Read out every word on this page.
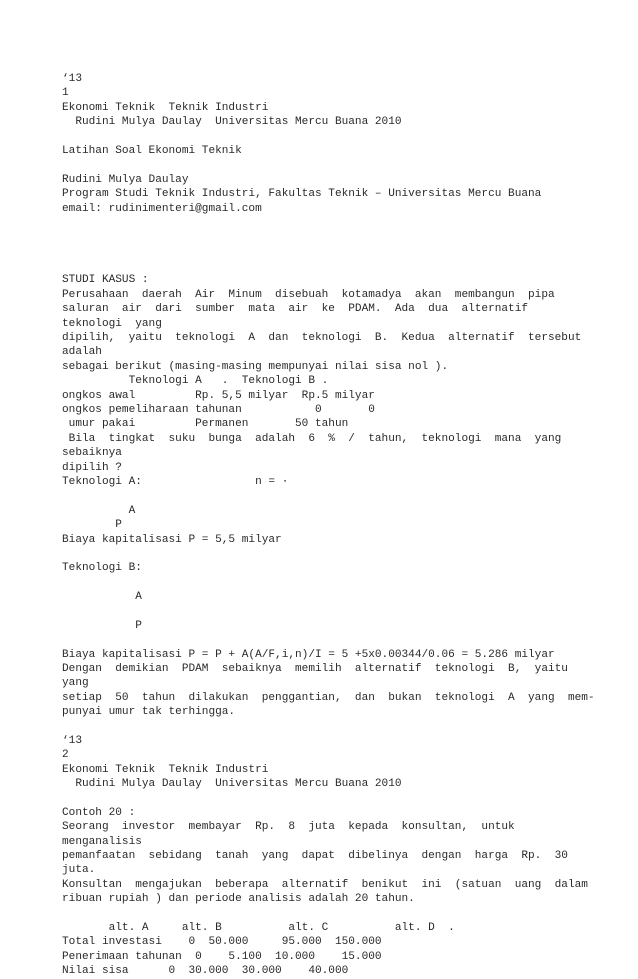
‘13
1
Ekonomi Teknik  Teknik Industri
Rudini Mulya Daulay  Universitas Mercu Buana 2010
Latihan Soal Ekonomi Teknik
Rudini Mulya Daulay
Program Studi Teknik Industri, Fakultas Teknik – Universitas Mercu Buana
email: rudinimenteri@gmail.com
STUDI KASUS :
Perusahaan  daerah  Air  Minum  disebuah  kotamadya  akan  membangun  pipa
saluran  air  dari  sumber  mata  air  ke  PDAM.  Ada  dua  alternatif
teknologi  yang
dipilih,  yaitu  teknologi  A  dan  teknologi  B.  Kedua  alternatif  tersebut
adalah
sebagai berikut (masing-masing mempunyai nilai sisa nol ).
Teknologi A   .  Teknologi B .
ongkos awal         Rp. 5,5 milyar  Rp.5 milyar
ongkos pemeliharaan tahunan           0       0
umur pakai         Permanen       50 tahun
Bila  tingkat  suku  bunga  adalah  6  %  /  tahun,  teknologi  mana  yang
sebaiknya
dipilih ?
Teknologi A:                 n = ∙
A
P
Biaya kapitalisasi P = 5,5 milyar
Teknologi B:
A
P
Biaya kapitalisasi P = P + A(A/F,i,n)/I = 5 +5x0.00344/0.06 = 5.286 milyar
Dengan  demikian  PDAM  sebaiknya  memilih  alternatif  teknologi  B,  yaitu
yang
setiap  50  tahun  dilakukan  penggantian,  dan  bukan  teknologi  A  yang  mem-
punyai umur tak terhingga.
‘13
2
Ekonomi Teknik  Teknik Industri
Rudini Mulya Daulay  Universitas Mercu Buana 2010
Contoh 20 :
Seorang  investor  membayar  Rp.  8  juta  kepada  konsultan,  untuk
menganalisis
pemanfaatan  sebidang  tanah  yang  dapat  dibelinya  dengan  harga  Rp.  30
juta.
Konsultan  mengajukan  beberapa  alternatif  benikut  ini  (satuan  uang  dalam
ribuan rupiah ) dan periode analisis adalah 20 tahun.
alt. A     alt. B          alt. C          alt. D  .
Total investasi    0  50.000     95.000  150.000
Penerimaan tahunan  0    5.100  10.000    15.000
Nilai sisa      0  30.000  30.000    40.000
